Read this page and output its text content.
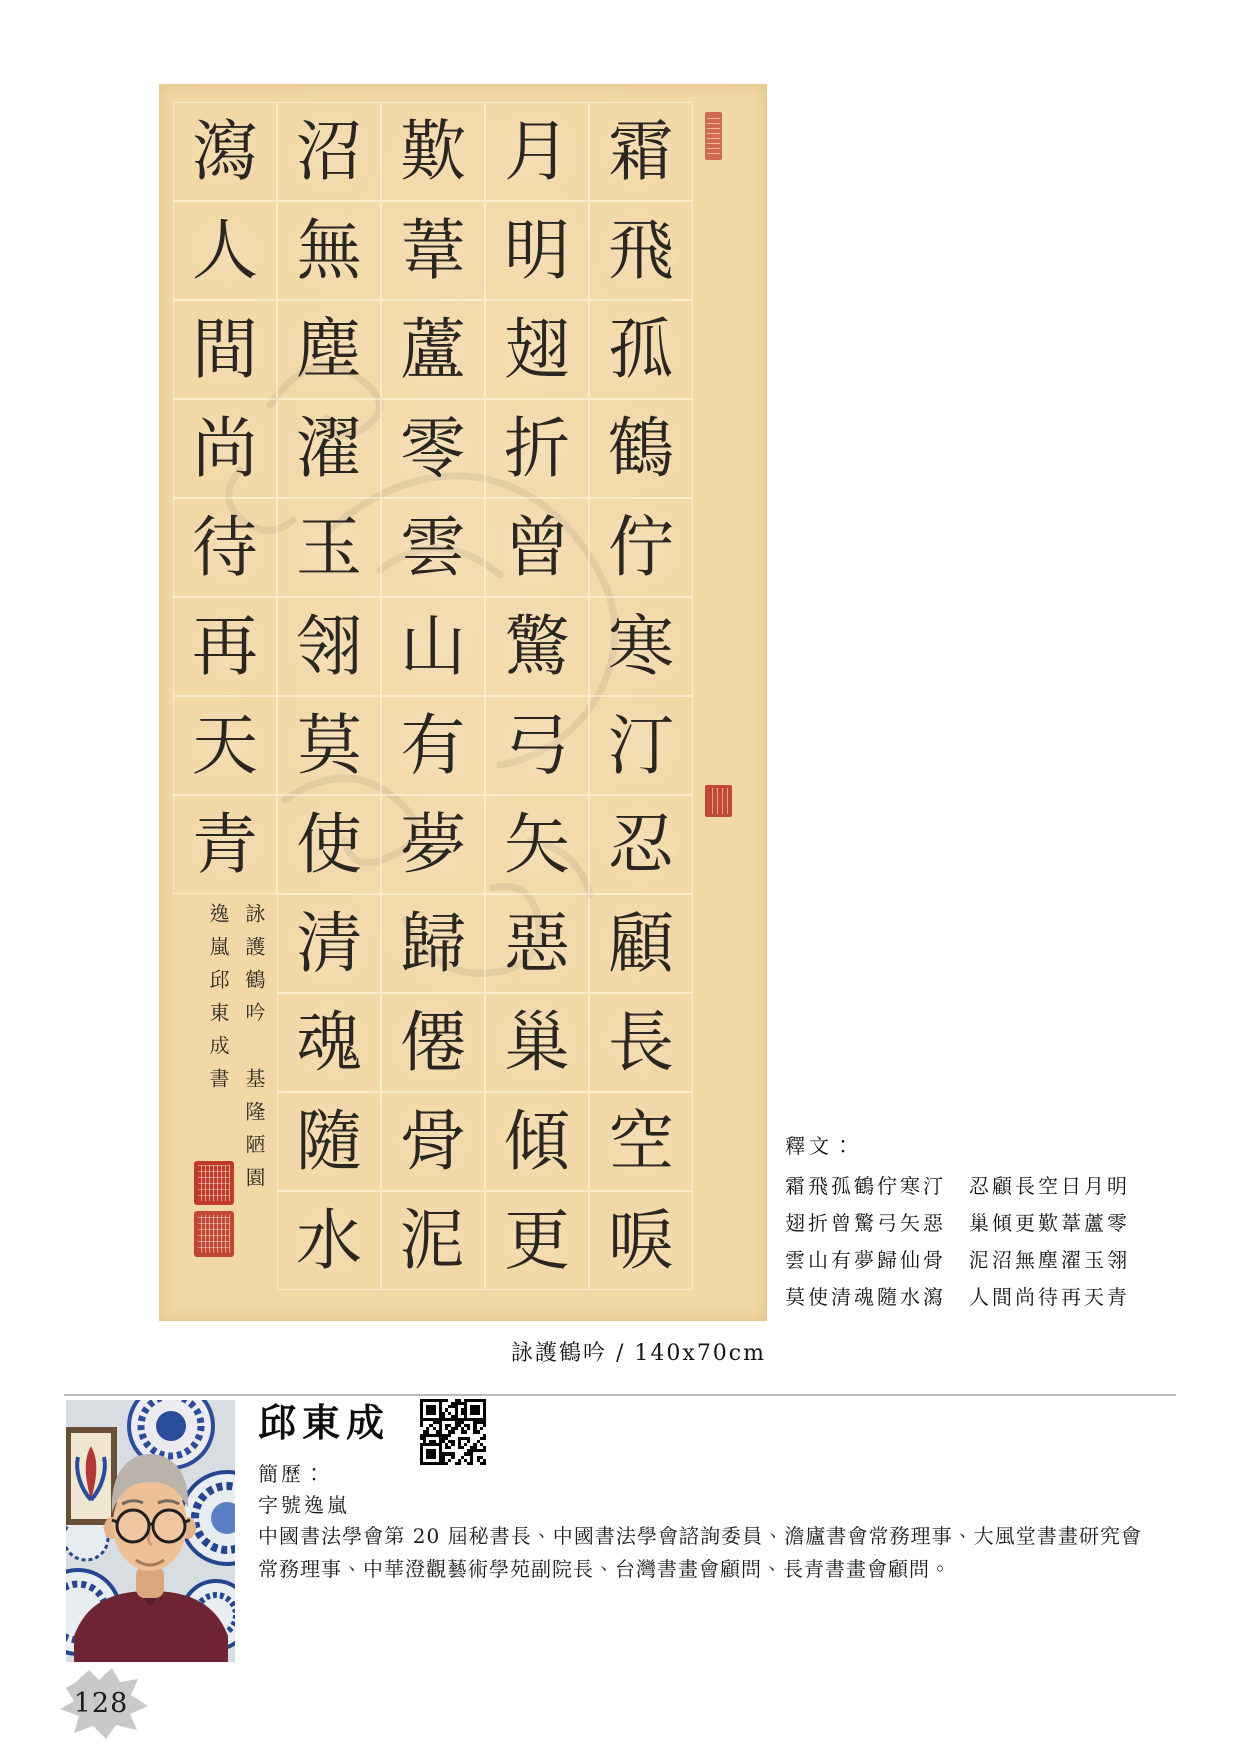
霜
飛
孤
鶴
佇
寒
汀
忍
顧
長
空
唳
月
明
翅
折
曾
驚
弓
矢
惡
巢
傾
更
歎
葦
蘆
零
雲
山
有
夢
歸
僊
骨
泥
沼
無
塵
濯
玉
翎
莫
使
清
魂
隨
水
瀉
人
間
尚
待
再
天
青
詠護鶴吟　基隆陋園
逸嵐邱東成書
詠護鶴吟 / 140x70cm
釋文：
霜飛孤鶴佇寒汀　忍顧長空日月明
翅折曾驚弓矢惡　巢傾更歎葦蘆零
雲山有夢歸仙骨　泥沼無塵濯玉翎
莫使清魂隨水瀉　人間尚待再天青
邱東成
簡歷：
字號逸嵐
中國書法學會第 20 屆秘書長、中國書法學會諮詢委員、澹廬書會常務理事、大風堂書畫研究會常務理事、中華澄觀藝術學苑副院長、台灣書畫會顧問、長青書畫會顧問。
128
